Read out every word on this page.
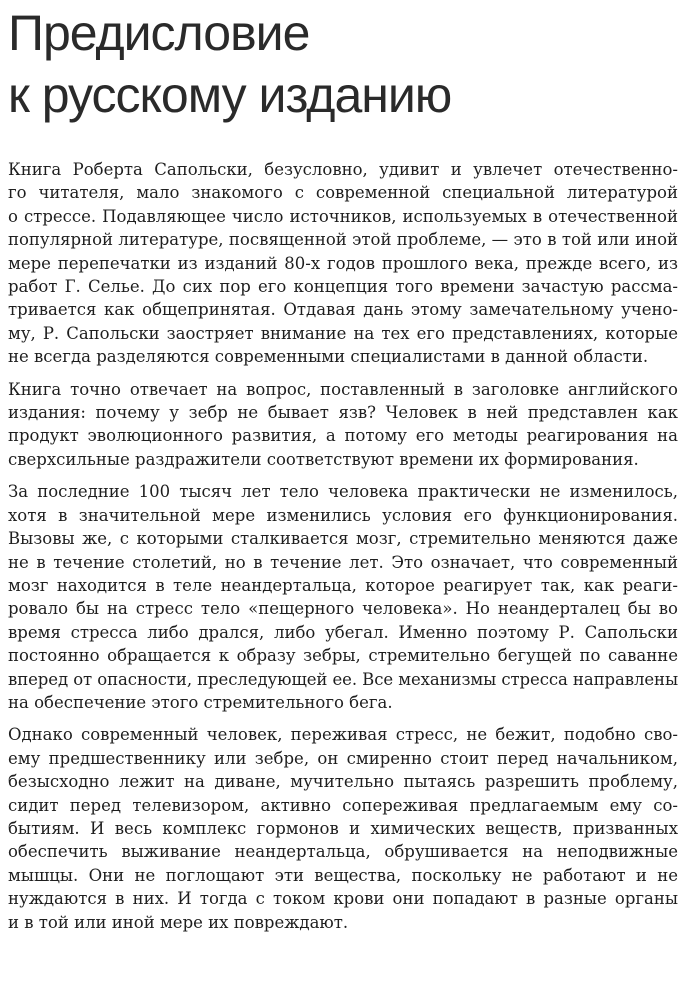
Предисловие
к русскому изданию

Книга Роберта Сапольски, безусловно, удивит и увлечет отечественно-
го читателя, мало знакомого с современной специальной литературой
о стрессе. Подавляющее число источников, используемых в отечественной
популярной литературе, посвященной этой проблеме, — это в той или иной
мере перепечатки из изданий 80-х годов прошлого века, прежде всего, из
работ Г. Селье. До сих пор его концепция того времени зачастую рассма-
тривается как общепринятая. Отдавая дань этому замечательному учено-
му, Р. Сапольски заостряет внимание на тех его представлениях, которые
не всегда разделяются современными специалистами в данной области.

Книга точно отвечает на вопрос, поставленный в заголовке английского
издания: почему у зебр не бывает язв? Человек в ней представлен как
продукт эволюционного развития, а потому его методы реагирования на
сверхсильные раздражители соответствуют времени их формирования.

За последние 100 тысяч лет тело человека практически не изменилось,
хотя в значительной мере изменились условия его функционирования.
Вызовы же, с которыми сталкивается мозг, стремительно меняются даже
не в течение столетий, но в течение лет. Это означает, что современный
мозг находится в теле неандертальца, которое реагирует так, как реаги-
ровало бы на стресс тело «пещерного человека». Но неандерталец бы во
время стресса либо дрался, либо убегал. Именно поэтому Р. Сапольски
постоянно обращается к образу зебры, стремительно бегущей по саванне
вперед от опасности, преследующей ее. Все механизмы стресса направлены
на обеспечение этого стремительного бега.

Однако современный человек, переживая стресс, не бежит, подобно сво-
ему предшественнику или зебре, он смиренно стоит перед начальником,
безысходно лежит на диване, мучительно пытаясь разрешить проблему,
сидит перед телевизором, активно сопереживая предлагаемым ему со-
бытиям. И весь комплекс гормонов и химических веществ, призванных
обеспечить выживание неандертальца, обрушивается на неподвижные
мышцы. Они не поглощают эти вещества, поскольку не работают и не
нуждаются в них. И тогда с током крови они попадают в разные органы
и в той или иной мере их повреждают.
